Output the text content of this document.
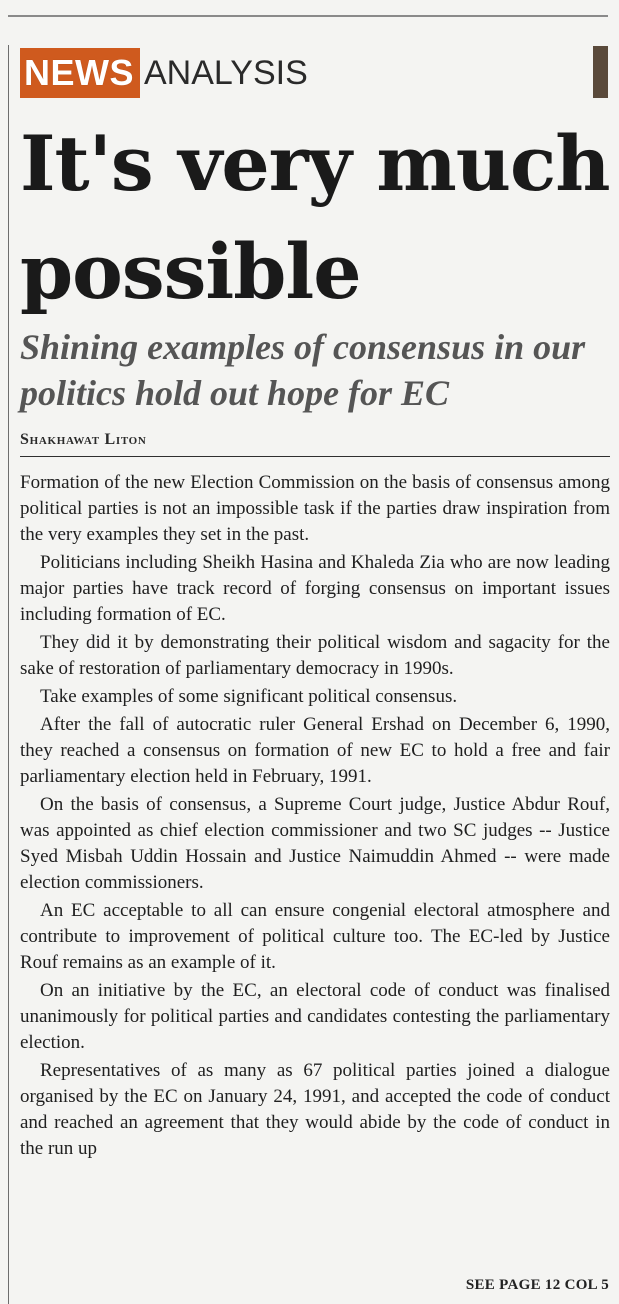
NEWS ANALYSIS
It's very much possible
Shining examples of consensus in our politics hold out hope for EC
Shakhawat Liton

Formation of the new Election Commission on the basis of consensus among political parties is not an impossible task if the parties draw inspiration from the very examples they set in the past.

Politicians including Sheikh Hasina and Khaleda Zia who are now leading major parties have track record of forging consensus on important issues including formation of EC.

They did it by demonstrating their political wisdom and sagacity for the sake of restoration of parliamentary democracy in 1990s.

Take examples of some significant political consensus.

After the fall of autocratic ruler General Ershad on December 6, 1990, they reached a consensus on formation of new EC to hold a free and fair parliamentary election held in February, 1991.

On the basis of consensus, a Supreme Court judge, Justice Abdur Rouf, was appointed as chief election commissioner and two SC judges -- Justice Syed Misbah Uddin Hossain and Justice Naimuddin Ahmed -- were made election commissioners.

An EC acceptable to all can ensure congenial electoral atmosphere and contribute to improvement of political culture too. The EC-led by Justice Rouf remains as an example of it.

On an initiative by the EC, an electoral code of conduct was finalised unanimously for political parties and candidates contesting the parliamentary election.

Representatives of as many as 67 political parties joined a dialogue organised by the EC on January 24, 1991, and accepted the code of conduct and reached an agreement that they would abide by the code of conduct in the run up

SEE PAGE 12 COL 5
